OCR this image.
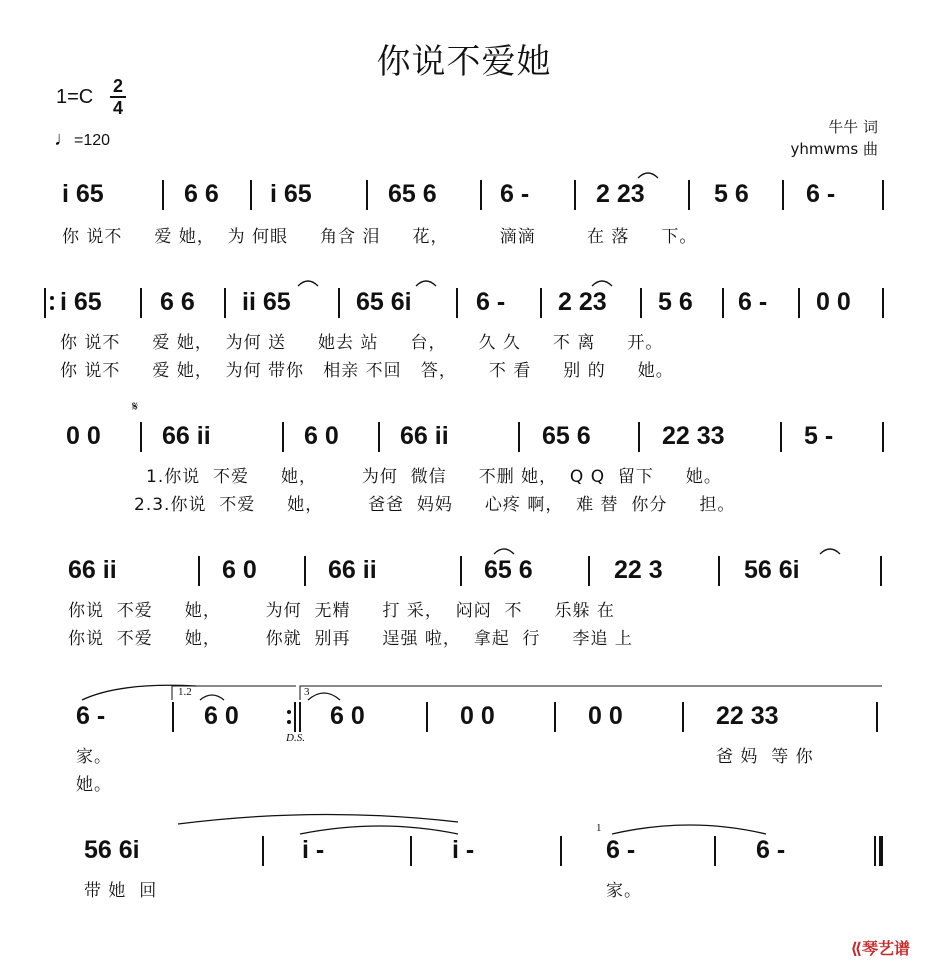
你说不爱她
1=C 2
4
♩=120
牛牛 词
yhmwms 曲
i 65	6 6 i 65	65 6	6 -	2 23	5 6 6 -
你 说不     爱 她，  为 何眼     角含 泪     花，        滴滴        在 落     下。
i 65 6 6 ii 65	65 6i	6 - 2 23 5 6 6 - 0 0
你 说不     爱 她，  为何 送     她去 站     台，     久 久     不 离     开。
你 说不     爱 她，  为何 带你   相亲 不回   答，     不 看     别 的     她。
𝄋
0 0 66 ii	6 0 66 ii	65 6	22 33	5 -
1.你说  不爱     她，       为何  微信     不删 她，  Q Q  留下     她。
2.3.你说  不爱     她，       爸爸  妈妈     心疼 啊，  难 替  你分     担。
66 ii	6 0	66 ii	65 6	22 3	56 6i
你说  不爱     她，       为何  无精     打 采，  闷闷  不     乐躲 在
你说  不爱     她，       你就  别再     逞强 啦，  拿起  行     李追 上
6 -
1.2
6 0
D.S.
3
6 0	0 0	0 0	22 33
家。	爸 妈  等 你
她。
56 6i	i -	i -
1
6 -	6 -
带 她  回	家。
⟪琴艺谱
